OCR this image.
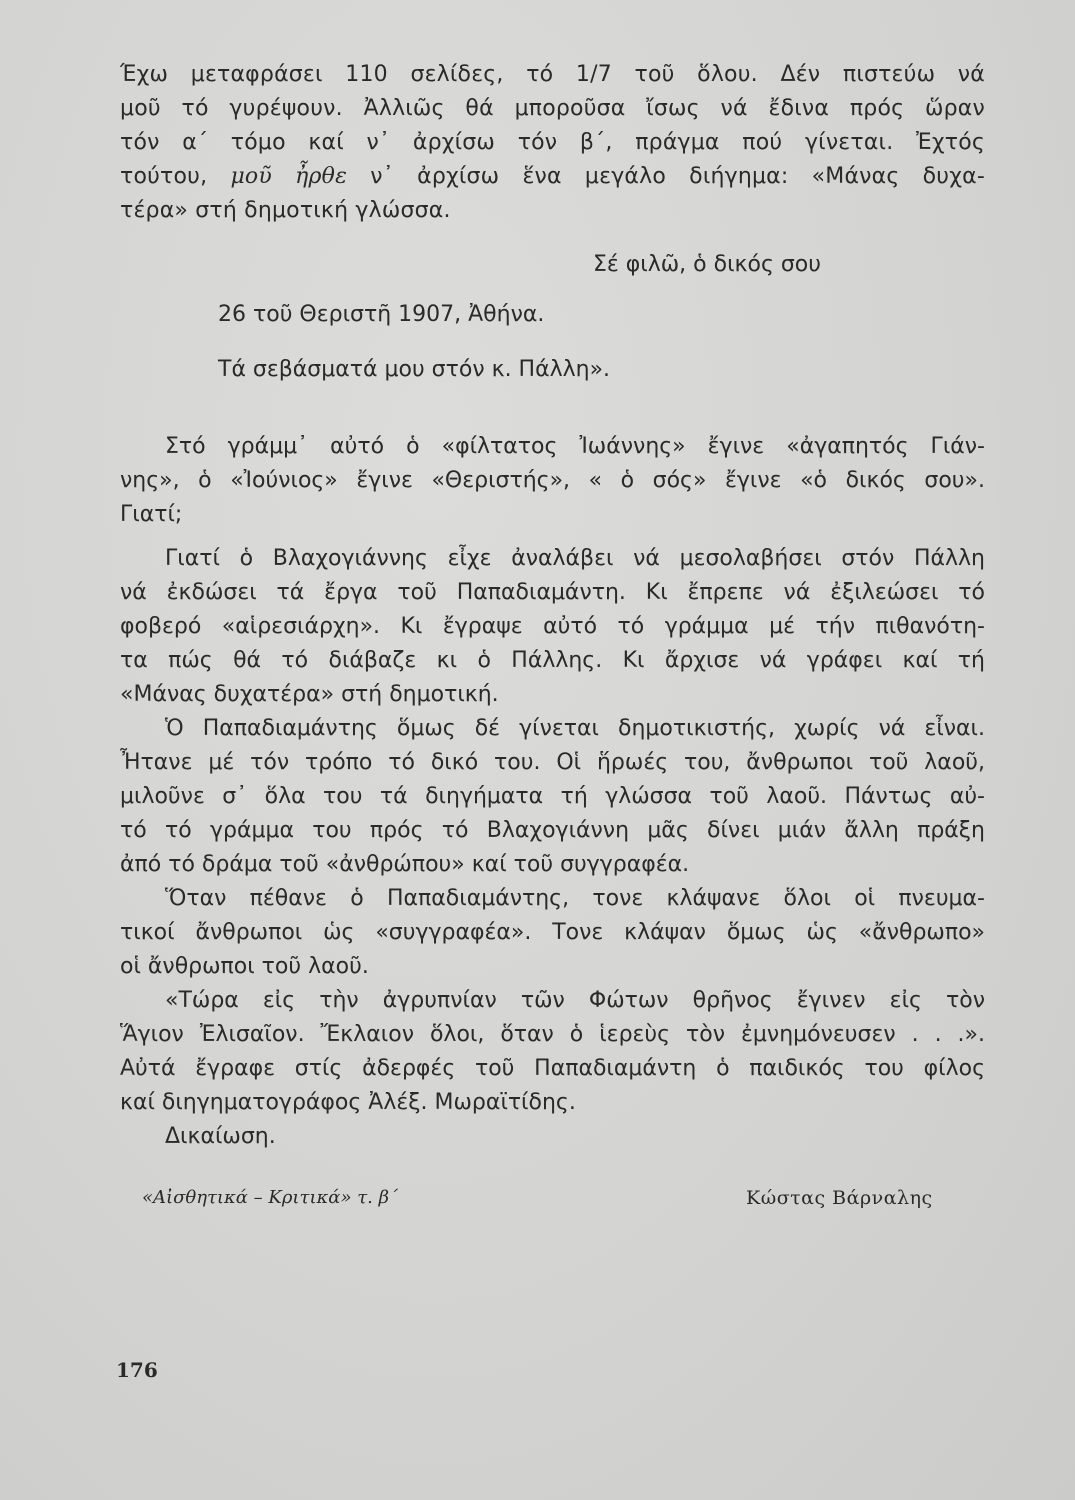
Έχω μεταφράσει 110 σελίδες, τό 1/7 τοῦ ὅλου. Δέν πιστεύω νά
μοῦ τό γυρέψουν. Ἀλλιῶς θά μποροῦσα ἴσως νά ἔδινα πρός ὥραν
τόν α΄ τόμο καί ν᾽ ἀρχίσω τόν β΄, πράγμα πού γίνεται. Ἐχτός
τούτου, μοῦ ἦρθε ν᾽ ἀρχίσω ἕνα μεγάλο διήγημα: «Μάνας δυχα-
τέρα» στή δημοτική γλώσσα.
Σέ φιλῶ, ὁ δικός σου
26 τοῦ Θεριστῆ 1907, Ἀθήνα.
Τά σεβάσματά μου στόν κ. Πάλλη».
Στό γράμμ᾽ αὐτό ὁ «φίλτατος Ἰωάννης» ἔγινε «ἀγαπητός Γιάν-
νης», ὁ «Ἰούνιος» ἔγινε «Θεριστής», « ὁ σός» ἔγινε «ὁ δικός σου».
Γιατί;
Γιατί ὁ Βλαχογιάννης εἶχε ἀναλάβει νά μεσολαβήσει στόν Πάλλη
νά ἐκδώσει τά ἔργα τοῦ Παπαδιαμάντη. Κι ἔπρεπε νά ἐξιλεώσει τό
φοβερό «αἱρεσιάρχη». Κι ἔγραψε αὐτό τό γράμμα μέ τήν πιθανότη-
τα πώς θά τό διάβαζε κι ὁ Πάλλης. Κι ἄρχισε νά γράφει καί τή
«Μάνας δυχατέρα» στή δημοτική.
Ὁ Παπαδιαμάντης ὅμως δέ γίνεται δημοτικιστής, χωρίς νά εἶναι.
Ἦτανε μέ τόν τρόπο τό δικό του. Οἱ ἥρωές του, ἄνθρωποι τοῦ λαοῦ,
μιλοῦνε σ᾽ ὅλα του τά διηγήματα τή γλώσσα τοῦ λαοῦ. Πάντως αὐ-
τό τό γράμμα του πρός τό Βλαχογιάννη μᾶς δίνει μιάν ἄλλη πράξη
ἀπό τό δράμα τοῦ «ἀνθρώπου» καί τοῦ συγγραφέα.
Ὅταν πέθανε ὁ Παπαδιαμάντης, τονε κλάψανε ὅλοι οἱ πνευμα-
τικοί ἄνθρωποι ὡς «συγγραφέα». Τονε κλάψαν ὅμως ὡς «ἄνθρωπο»
οἱ ἄνθρωποι τοῦ λαοῦ.
«Τώρα εἰς τὴν ἀγρυπνίαν τῶν Φώτων θρῆνος ἔγινεν εἰς τὸν
Ἅγιον Ἐλισαῖον. Ἔκλαιον ὅλοι, ὅταν ὁ ἱερεὺς τὸν ἐμνημόνευσεν . . .».
Αὐτά ἔγραφε στίς ἀδερφές τοῦ Παπαδιαμάντη ὁ παιδικός του φίλος
καί διηγηματογράφος Ἀλέξ. Μωραϊτίδης.
Δικαίωση.
«Αἰσθητικά – Κριτικά» τ. β΄	Κώστας Βάρναλης
176
